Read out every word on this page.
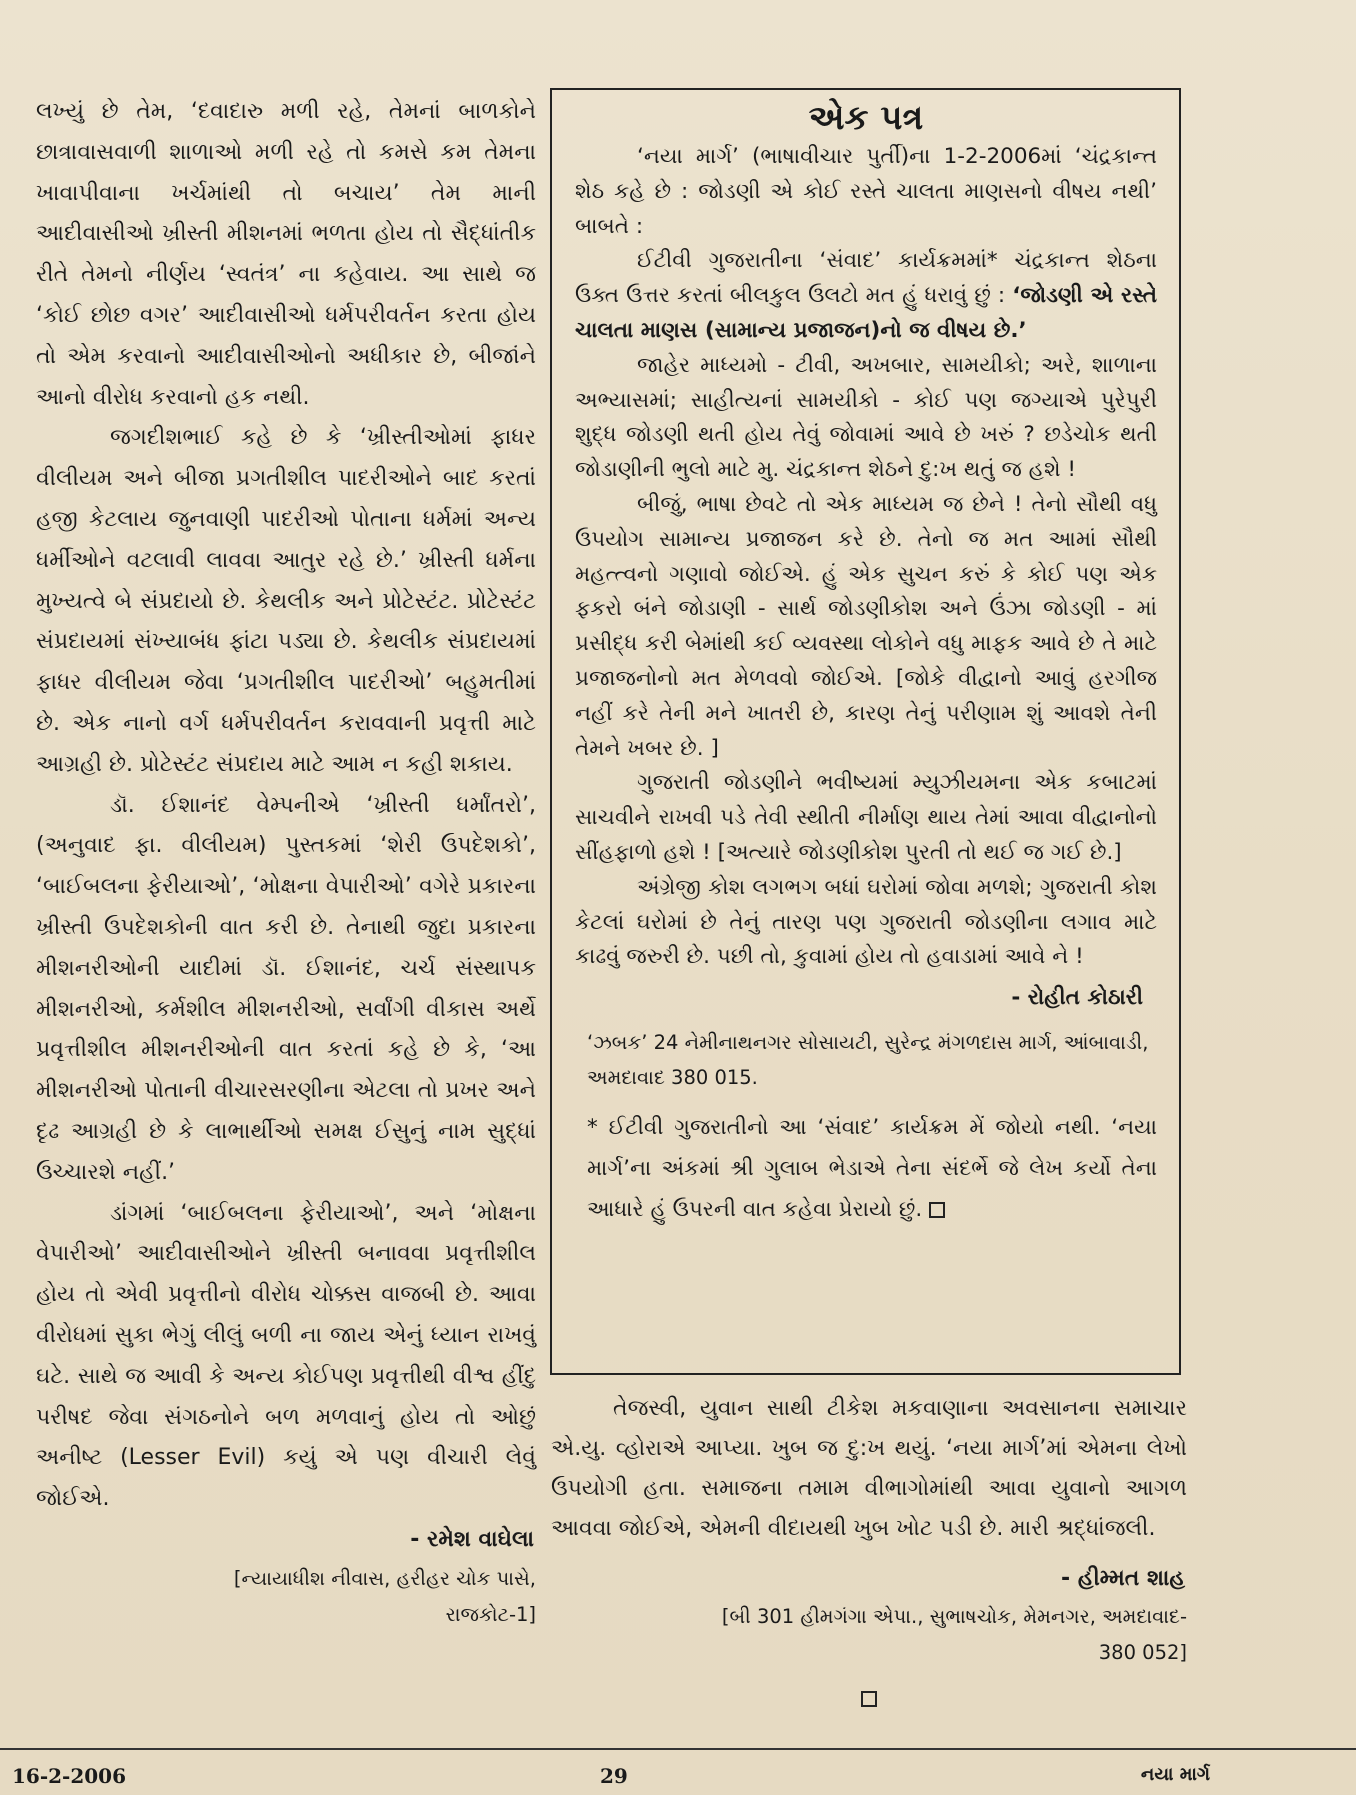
લખ્યું છે તેમ, ‘દવાદારુ મળી રહે, તેમનાં બાળકોને છાત્રાવાસવાળી શાળાઓ મળી રહે તો કમસે કમ તેમના ખાવાપીવાના ખર્ચમાંથી તો બચાય’ તેમ માની આદીવાસીઓ ખ્રીસ્તી મીશનમાં ભળતા હોય તો સૈદ્ધાંતીક રીતે તેમનો નીર્ણય ‘સ્વતંત્ર’ ના કહેવાય. આ સાથે જ ‘કોઈ છોછ વગર’ આદીવાસીઓ ધર્મપરીવર્તન કરતા હોય તો એમ કરવાનો આદીવાસીઓનો અધીકાર છે, બીજાંને આનો વીરોધ કરવાનો હક નથી.

જગદીશભાઈ કહે છે કે ‘ખ્રીસ્તીઓમાં ફાધર વીલીયમ અને બીજા પ્રગતીશીલ પાદરીઓને બાદ કરતાં હજી કેટલાય જુનવાણી પાદરીઓ પોતાના ધર્મમાં અન્ય ધર્મીઓને વટલાવી લાવવા આતુર રહે છે.’ ખ્રીસ્તી ધર્મના મુખ્યત્વે બે સંપ્રદાયો છે. કેથલીક અને પ્રોટેસ્ટંટ. પ્રોટેસ્ટંટ સંપ્રદાયમાં સંખ્યાબંધ ફાંટા પડ્યા છે. કેથલીક સંપ્રદાયમાં ફાધર વીલીયમ જેવા ‘પ્રગતીશીલ પાદરીઓ’ બહુમતીમાં છે. એક નાનો વર્ગ ધર્મપરીવર્તન કરાવવાની પ્રવૃત્તી માટે આગ્રહી છે. પ્રોટેસ્ટંટ સંપ્રદાય માટે આમ ન કહી શકાય.

ડૉ. ઈશાનંદ વેમ્પનીએ ‘ખ્રીસ્તી ધર્માંતરો’, (અનુવાદ ફા. વીલીયમ) પુસ્તકમાં ‘શેરી ઉપદેશકો’, ‘બાઈબલના ફેરીયાઓ’, ‘મોક્ષના વેપારીઓ’ વગેરે પ્રકારના ખ્રીસ્તી ઉપદેશકોની વાત કરી છે. તેનાથી જુદા પ્રકારના મીશનરીઓની યાદીમાં ડૉ. ઈશાનંદ, ચર્ચ સંસ્થાપક મીશનરીઓ, કર્મશીલ મીશનરીઓ, સર્વાંગી વીકાસ અર્થે પ્રવૃત્તીશીલ મીશનરીઓની વાત કરતાં કહે છે કે, ‘આ મીશનરીઓ પોતાની વીચારસરણીના એટલા તો પ્રખર અને દૃઢ આગ્રહી છે કે લાભાર્થીઓ સમક્ષ ઈસુનું નામ સુદ્ધાં ઉચ્ચારશે નહીં.’

ડાંગમાં ‘બાઈબલના ફેરીયાઓ’, અને ‘મોક્ષના વેપારીઓ’ આદીવાસીઓને ખ્રીસ્તી બનાવવા પ્રવૃત્તીશીલ હોય તો એવી પ્રવૃત્તીનો વીરોધ ચોક્કસ વાજબી છે. આવા વીરોધમાં સુકા ભેગું લીલું બળી ના જાય એનું ધ્યાન રાખવું ઘટે. સાથે જ આવી કે અન્ય કોઈપણ પ્રવૃત્તીથી વીશ્વ હીંદુ પરીષદ જેવા સંગઠનોને બળ મળવાનું હોય તો ઓછું અનીષ્ટ (Lesser Evil) કયું એ પણ વીચારી લેવું જોઈએ.

- રમેશ વાઘેલા

[ન્યાયાધીશ નીવાસ, હરીહર ચોક પાસે,

રાજકોટ-1]

એક પત્ર

‘નયા માર્ગ’ (ભાષાવીચાર પુર્તી)ના 1-2-2006માં ‘ચંદ્રકાન્ત શેઠ કહે છે : જોડણી એ કોઈ રસ્તે ચાલતા માણસનો વીષય નથી’ બાબતે :

ઈટીવી ગુજરાતીના ‘સંવાદ’ કાર્યક્રમમાં* ચંદ્રકાન્ત શેઠના ઉક્ત ઉત્તર કરતાં બીલકુલ ઉલટો મત હું ધરાવું છું : ‘જોડણી એ રસ્તે ચાલતા માણસ (સામાન્ય પ્રજાજન)નો જ વીષય છે.’

જાહેર માધ્યમો - ટીવી, અખબાર, સામયીકો; અરે, શાળાના અભ્યાસમાં; સાહીત્યનાં સામયીકો - કોઈ પણ જગ્યાએ પુરેપુરી શુદ્ધ જોડણી થતી હોય તેવું જોવામાં આવે છે ખરું ? છડેચોક થતી જોડાણીની ભુલો માટે મુ. ચંદ્રકાન્ત શેઠને દુ:ખ થતું જ હશે !

બીજું, ભાષા છેવટે તો એક માધ્યમ જ છેને ! તેનો સૌથી વધુ ઉપયોગ સામાન્ય પ્રજાજન કરે છે. તેનો જ મત આમાં સૌથી મહત્ત્વનો ગણાવો જોઈએ. હું એક સુચન કરું કે કોઈ પણ એક ફકરો બંને જોડાણી - સાર્થ જોડણીકોશ અને ઉંઝા જોડણી - માં પ્રસીદ્ધ કરી બેમાંથી કઈ વ્યવસ્થા લોકોને વધુ માફક આવે છે તે માટે પ્રજાજનોનો મત મેળવવો જોઈએ. [જોકે વીદ્વાનો આવું હરગીજ નહીં કરે તેની મને ખાતરી છે, કારણ તેનું પરીણામ શું આવશે તેની તેમને ખબર છે. ]

ગુજરાતી જોડણીને ભવીષ્યમાં મ્યુઝીયમના એક કબાટમાં સાચવીને રાખવી પડે તેવી સ્થીતી નીર્માણ થાય તેમાં આવા વીદ્વાનોનો સીંહફાળો હશે ! [અત્યારે જોડણીકોશ પુરતી તો થઈ જ ગઈ છે.]

અંગ્રેજી કોશ લગભગ બધાં ઘરોમાં જોવા મળશે; ગુજરાતી કોશ કેટલાં ઘરોમાં છે તેનું તારણ પણ ગુજરાતી જોડણીના લગાવ માટે કાઢવું જરુરી છે. પછી તો, કુવામાં હોય તો હવાડામાં આવે ને !

- રોહીત કોઠારી
‘ઝબક’ 24 નેમીનાથનગર સોસાયટી, સુરેન્દ્ર મંગળદાસ માર્ગ, આંબાવાડી, અમદાવાદ 380 015.
* ઈટીવી ગુજરાતીનો આ ‘સંવાદ’ કાર્યક્રમ મેં જોયો નથી. ‘નયા માર્ગ’ના અંકમાં શ્રી ગુલાબ ભેડાએ તેના સંદર્ભે જે લેખ કર્યો તેના આધારે હું ઉપરની વાત કહેવા પ્રેરાયો છું.

તેજસ્વી, યુવાન સાથી ટીકેશ મકવાણાના અવસાનના સમાચાર એ.યુ. વ્હોરાએ આપ્યા. ખુબ જ દુ:ખ થયું. ‘નયા માર્ગ’માં એમના લેખો ઉપયોગી હતા. સમાજના તમામ વીભાગોમાંથી આવા યુવાનો આગળ આવવા જોઈએ, એમની વીદાયથી ખુબ ખોટ પડી છે. મારી શ્રદ્ધાંજલી.

- હીમ્મત શાહ

[બી 301 હીમગંગા એપા., સુભાષચોક, મેમનગર, અમદાવાદ-

380 052]

16-2-2006	29	નયા માર્ગ
